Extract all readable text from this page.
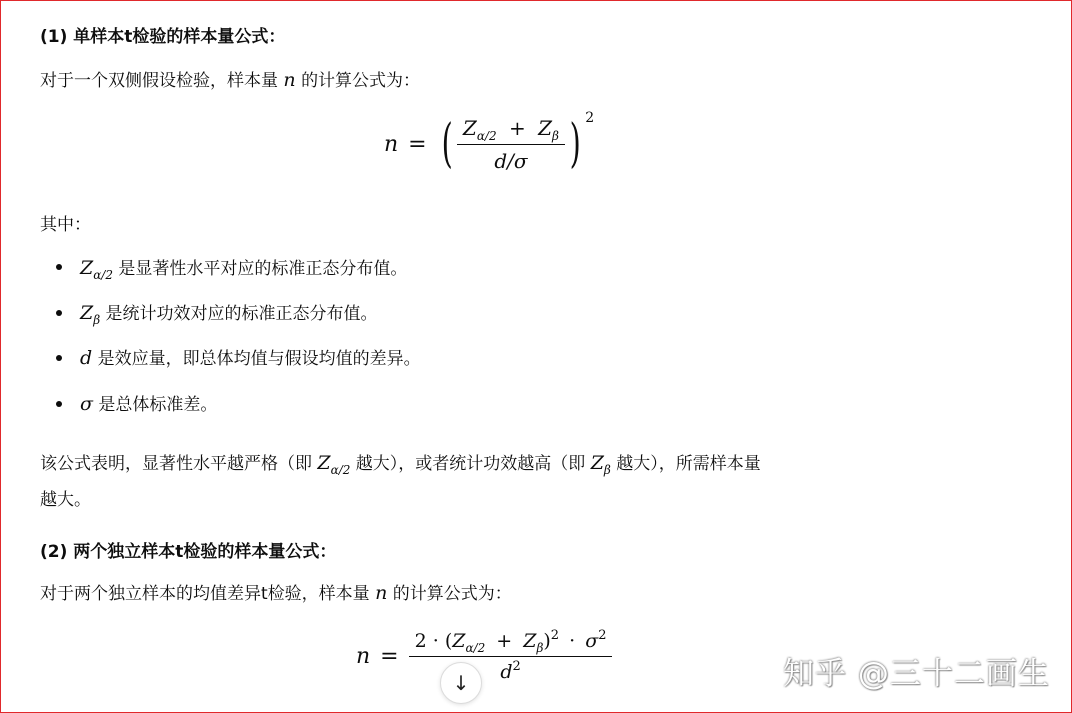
(1) 单样本t检验的样本量公式：
对于一个双侧假设检验，样本量 n 的计算公式为：
n = ( $\frac{Z_{\alpha/2} + Z_\beta}{d/\sigma}$ ) 2
其中：
$Z_{\alpha/2}$ 是显著性水平对应的标准正态分布值。
$Z_\beta$ 是统计功效对应的标准正态分布值。
d 是效应量，即总体均值与假设均值的差异。
σ 是总体标准差。
该公式表明，显著性水平越严格（即 $Z_{\alpha/2}$ 越大），或者统计功效越高（即 $Z_\beta$ 越大），所需样本量
越大。
(2) 两个独立样本t检验的样本量公式：
对于两个独立样本的均值差异t检验，样本量 n 的计算公式为：
$n = \frac{2 \cdot (Z_{\alpha/2} + Z_\beta)^2 \cdot \sigma^2}{d^2}$
↓	知乎 @三十二画生
